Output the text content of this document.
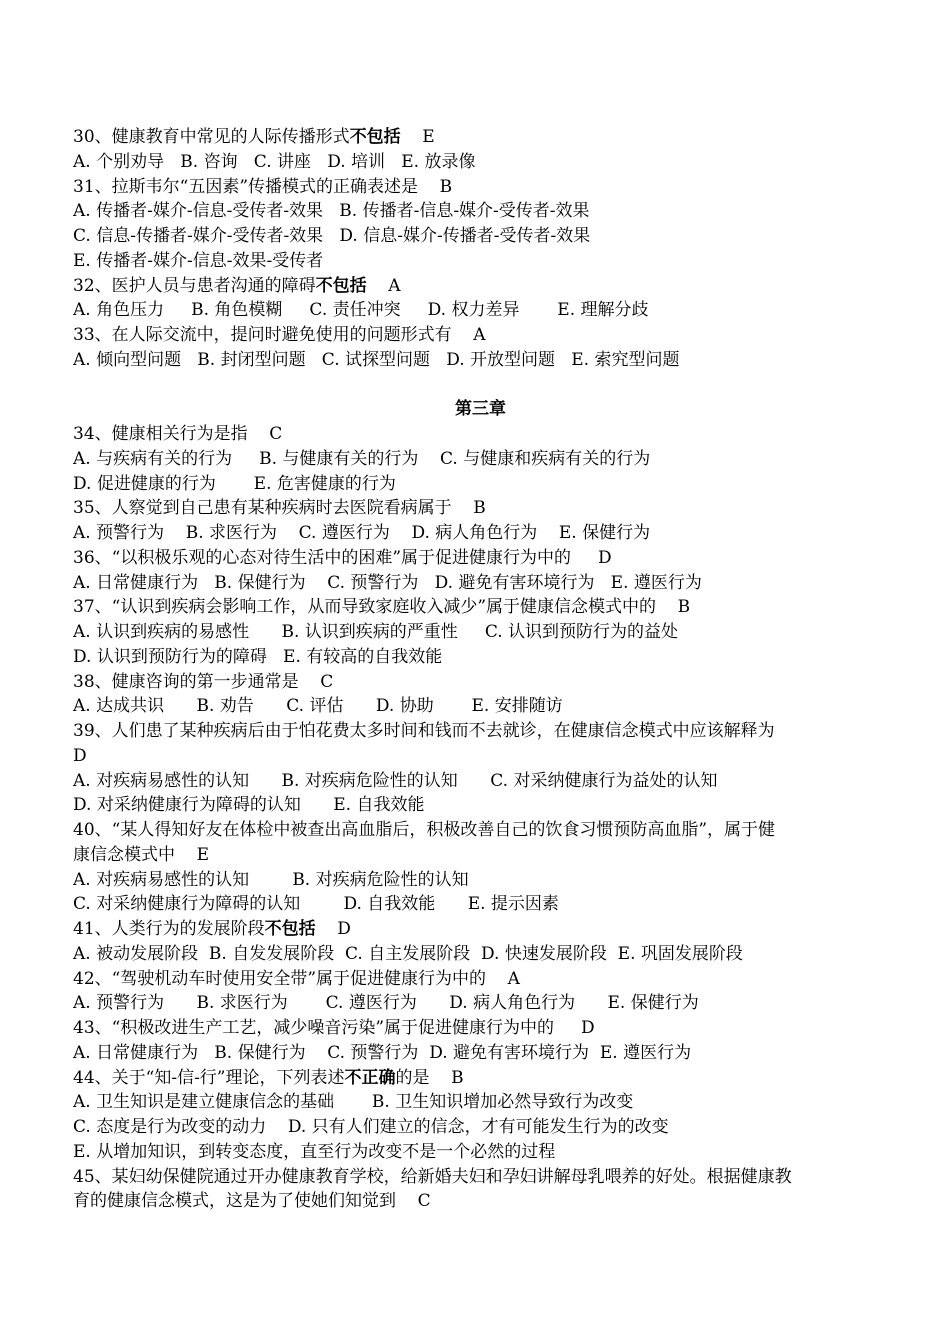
30、健康教育中常见的人际传播形式不包括    E
A. 个别劝导   B. 咨询   C. 讲座   D. 培训   E. 放录像
31、拉斯韦尔“五因素”传播模式的正确表述是    B
A. 传播者-媒介-信息-受传者-效果   B. 传播者-信息-媒介-受传者-效果
C. 信息-传播者-媒介-受传者-效果   D. 信息-媒介-传播者-受传者-效果
E. 传播者-媒介-信息-效果-受传者
32、医护人员与患者沟通的障碍不包括    A
A. 角色压力     B. 角色模糊     C. 责任冲突     D. 权力差异       E. 理解分歧
33、在人际交流中，提问时避免使用的问题形式有    A
A. 倾向型问题   B. 封闭型问题   C. 试探型问题   D. 开放型问题   E. 索究型问题
第三章
34、健康相关行为是指    C
A. 与疾病有关的行为     B. 与健康有关的行为    C. 与健康和疾病有关的行为
D. 促进健康的行为       E. 危害健康的行为
35、人察觉到自己患有某种疾病时去医院看病属于    B
A. 预警行为    B. 求医行为    C. 遵医行为    D. 病人角色行为    E. 保健行为
36、“以积极乐观的心态对待生活中的困难”属于促进健康行为中的     D
A. 日常健康行为   B. 保健行为    C. 预警行为   D. 避免有害环境行为   E. 遵医行为
37、“认识到疾病会影响工作，从而导致家庭收入减少”属于健康信念模式中的    B
A. 认识到疾病的易感性      B. 认识到疾病的严重性     C. 认识到预防行为的益处
D. 认识到预防行为的障碍   E. 有较高的自我效能
38、健康咨询的第一步通常是    C
A. 达成共识      B. 劝告      C. 评估      D. 协助       E. 安排随访
39、人们患了某种疾病后由于怕花费太多时间和钱而不去就诊，在健康信念模式中应该解释为
D
A. 对疾病易感性的认知      B. 对疾病危险性的认知      C. 对采纳健康行为益处的认知
D. 对采纳健康行为障碍的认知      E. 自我效能
40、“某人得知好友在体检中被查出高血脂后，积极改善自己的饮食习惯预防高血脂”，属于健
康信念模式中    E
A. 对疾病易感性的认知        B. 对疾病危险性的认知
C. 对采纳健康行为障碍的认知        D. 自我效能      E. 提示因素
41、人类行为的发展阶段不包括    D
A. 被动发展阶段  B. 自发发展阶段  C. 自主发展阶段  D. 快速发展阶段  E. 巩固发展阶段
42、“驾驶机动车时使用安全带”属于促进健康行为中的    A
A. 预警行为      B. 求医行为       C. 遵医行为      D. 病人角色行为      E. 保健行为
43、“积极改进生产工艺，减少噪音污染”属于促进健康行为中的     D
A. 日常健康行为   B. 保健行为    C. 预警行为  D. 避免有害环境行为  E. 遵医行为
44、关于“知-信-行”理论，下列表述不正确的是    B
A. 卫生知识是建立健康信念的基础       B. 卫生知识增加必然导致行为改变
C. 态度是行为改变的动力    D. 只有人们建立的信念，才有可能发生行为的改变
E. 从增加知识，到转变态度，直至行为改变不是一个必然的过程
45、某妇幼保健院通过开办健康教育学校，给新婚夫妇和孕妇讲解母乳喂养的好处。根据健康教
育的健康信念模式，这是为了使她们知觉到    C
